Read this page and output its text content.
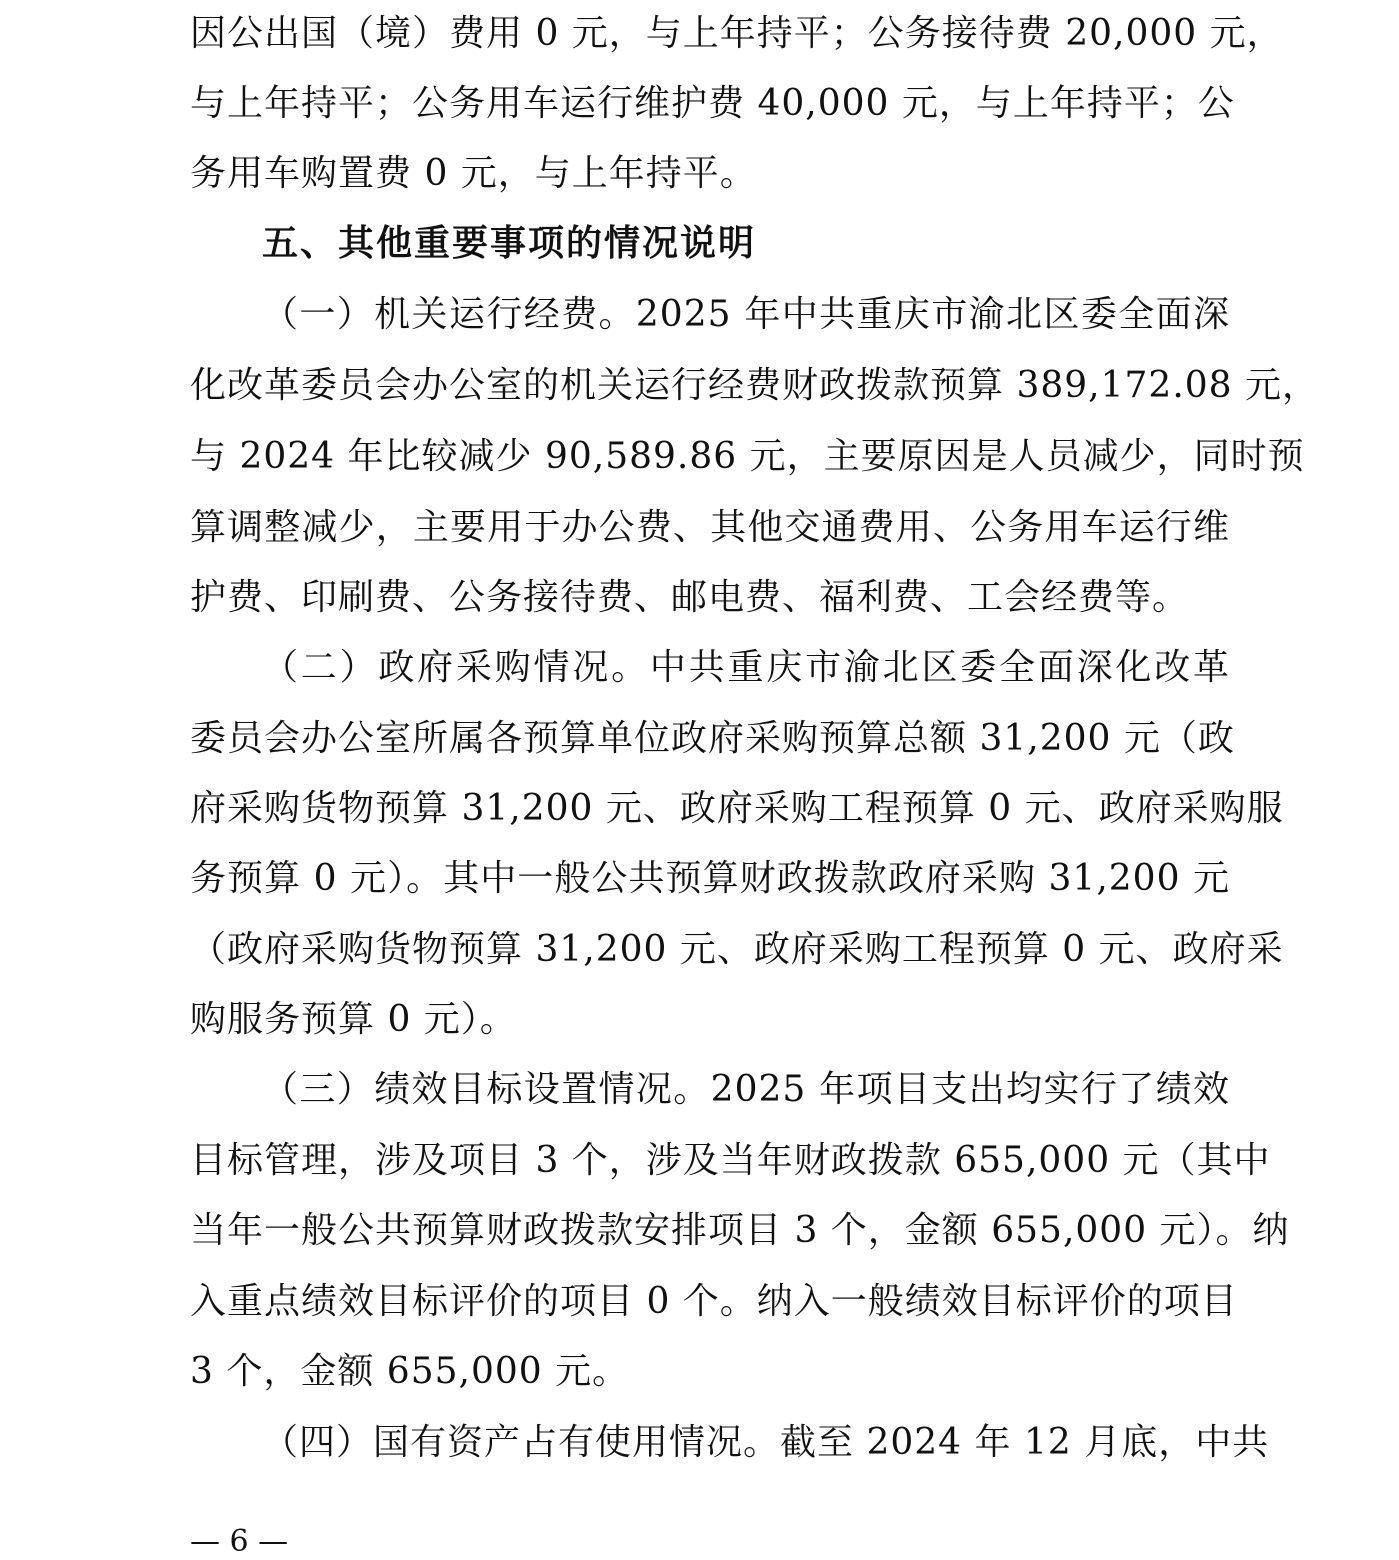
因公出国（境）费用 0 元，与上年持平；公务接待费 20,000 元，
与上年持平；公务用车运行维护费 40,000 元，与上年持平；公
务用车购置费 0 元，与上年持平。
五、其他重要事项的情况说明
（一）机关运行经费。2025 年中共重庆市渝北区委全面深
化改革委员会办公室的机关运行经费财政拨款预算 389,172.08 元，
与 2024 年比较减少 90,589.86 元，主要原因是人员减少，同时预
算调整减少，主要用于办公费、其他交通费用、公务用车运行维
护费、印刷费、公务接待费、邮电费、福利费、工会经费等。
（二）政府采购情况。中共重庆市渝北区委全面深化改革
委员会办公室所属各预算单位政府采购预算总额 31,200 元（政
府采购货物预算 31,200 元、政府采购工程预算 0 元、政府采购服
务预算 0 元）。其中一般公共预算财政拨款政府采购 31,200 元
（政府采购货物预算 31,200 元、政府采购工程预算 0 元、政府采
购服务预算 0 元）。
（三）绩效目标设置情况。2025 年项目支出均实行了绩效
目标管理，涉及项目 3 个，涉及当年财政拨款 655,000 元（其中
当年一般公共预算财政拨款安排项目 3 个，金额 655,000 元）。纳
入重点绩效目标评价的项目 0 个。纳入一般绩效目标评价的项目
3 个，金额 655,000 元。
（四）国有资产占有使用情况。截至 2024 年 12 月底，中共
— 6 —
